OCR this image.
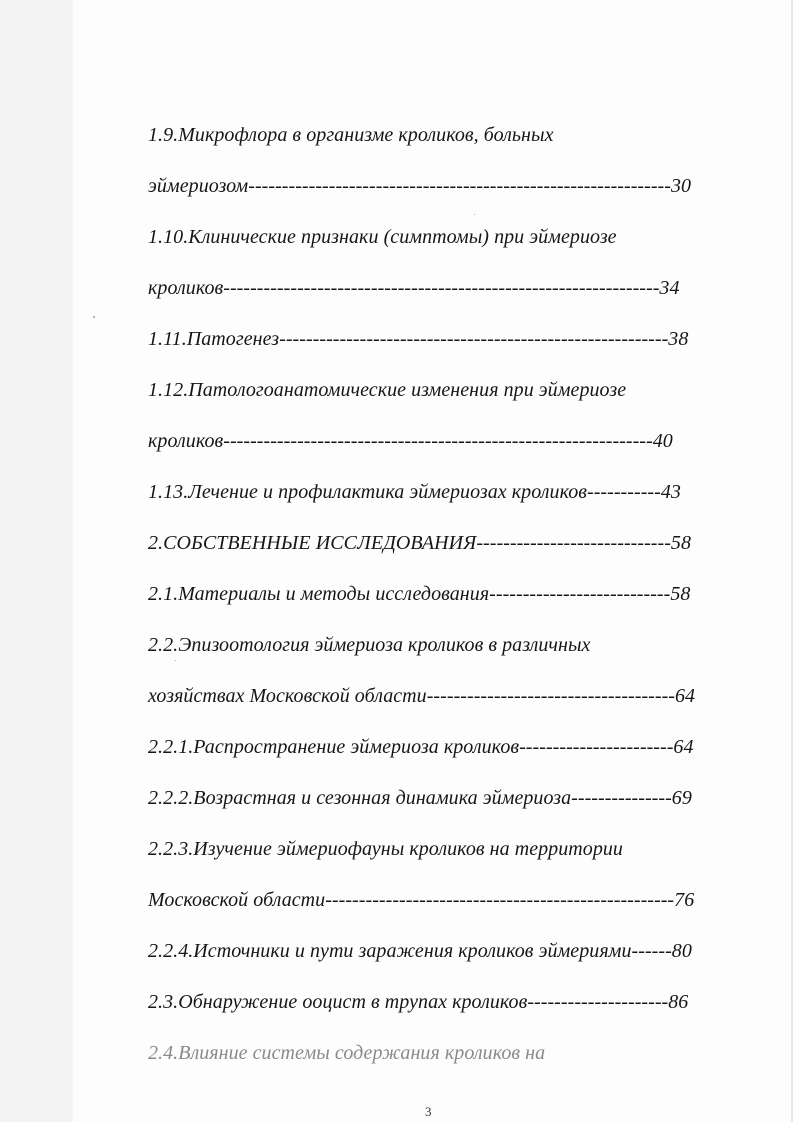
1.9.Микрофлора в организме кроликов, больных
эймериозом---------------------------------------------------------------30
1.10.Клинические признаки (симптомы) при эймериозе
кроликов-----------------------------------------------------------------34
1.11.Патогенез----------------------------------------------------------38
1.12.Патологоанатомические изменения при эймериозе
кроликов----------------------------------------------------------------40
1.13.Лечение и профилактика эймериозах кроликов-----------43
2.СОБСТВЕННЫЕ ИССЛЕДОВАНИЯ-----------------------------58
2.1.Материалы и методы исследования---------------------------58
2.2.Эпизоотология эймериоза кроликов в различных
хозяйствах Московской области-------------------------------------64
2.2.1.Распространение эймериоза кроликов-----------------------64
2.2.2.Возрастная и сезонная динамика эймериоза---------------69
2.2.3.Изучение эймериофауны кроликов на территории
Московской области----------------------------------------------------76
2.2.4.Источники и пути заражения кроликов эймериями------80
2.3.Обнаружение ооцист в трупах кроликов---------------------86
2.4.Влияние системы содержания кроликов на
3
